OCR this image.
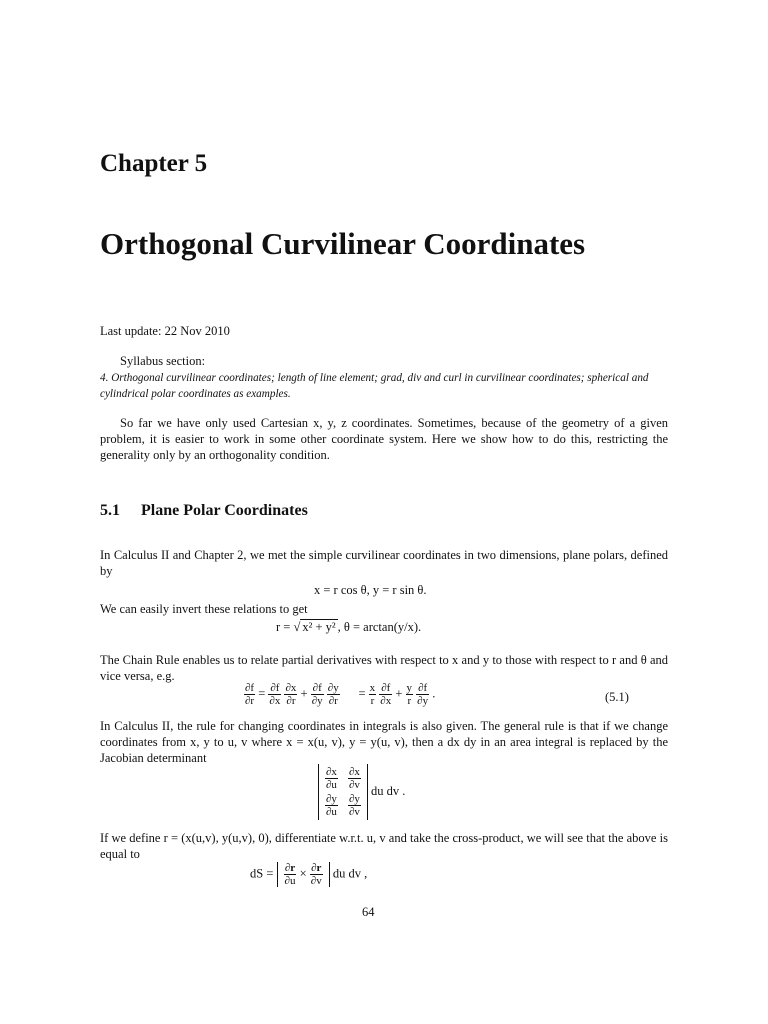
Chapter 5
Orthogonal Curvilinear Coordinates
Last update: 22 Nov 2010
Syllabus section:
4. Orthogonal curvilinear coordinates; length of line element; grad, div and curl in curvilinear coordinates; spherical and cylindrical polar coordinates as examples.
So far we have only used Cartesian x, y, z coordinates. Sometimes, because of the geometry of a given problem, it is easier to work in some other coordinate system. Here we show how to do this, restricting the generality only by an orthogonality condition.
5.1 Plane Polar Coordinates
In Calculus II and Chapter 2, we met the simple curvilinear coordinates in two dimensions, plane polars, defined by
x = r cos θ, y = r sin θ.
We can easily invert these relations to get
r = √ x² + y² , θ = arctan(y/x).
The Chain Rule enables us to relate partial derivatives with respect to x and y to those with respect to r and θ and vice versa, e.g.
$\frac{\partial f}{\partial r} = \frac{\partial f}{\partial x}$
$\frac{\partial x}{\partial r} + \frac{\partial f}{\partial y}$
$\frac{\partial y}{\partial r} = \frac{x}{r}$
$\frac{\partial f}{\partial x} + \frac{y}{r}$
$\frac{\partial f}{\partial y}$ .	(5.1)
In Calculus II, the rule for changing coordinates in integrals is also given. The general rule is that if we change coordinates from x, y to u, v where x = x(u, v), y = y(u, v), then a dx dy in an area integral is replaced by the Jacobian determinant
$\frac{\partial x}{\partial u} \frac{\partial x}{\partial v}$
$\frac{\partial y}{\partial u} \frac{\partial y}{\partial v}$
du dv .
If we define r = (x(u,v), y(u,v), 0), differentiate w.r.t. u, v and take the cross-product, we will see that the above is equal to
dS = $\frac{\partial r}{\partial u} \times \frac{\partial r}{\partial v}$ du dv ,
64
